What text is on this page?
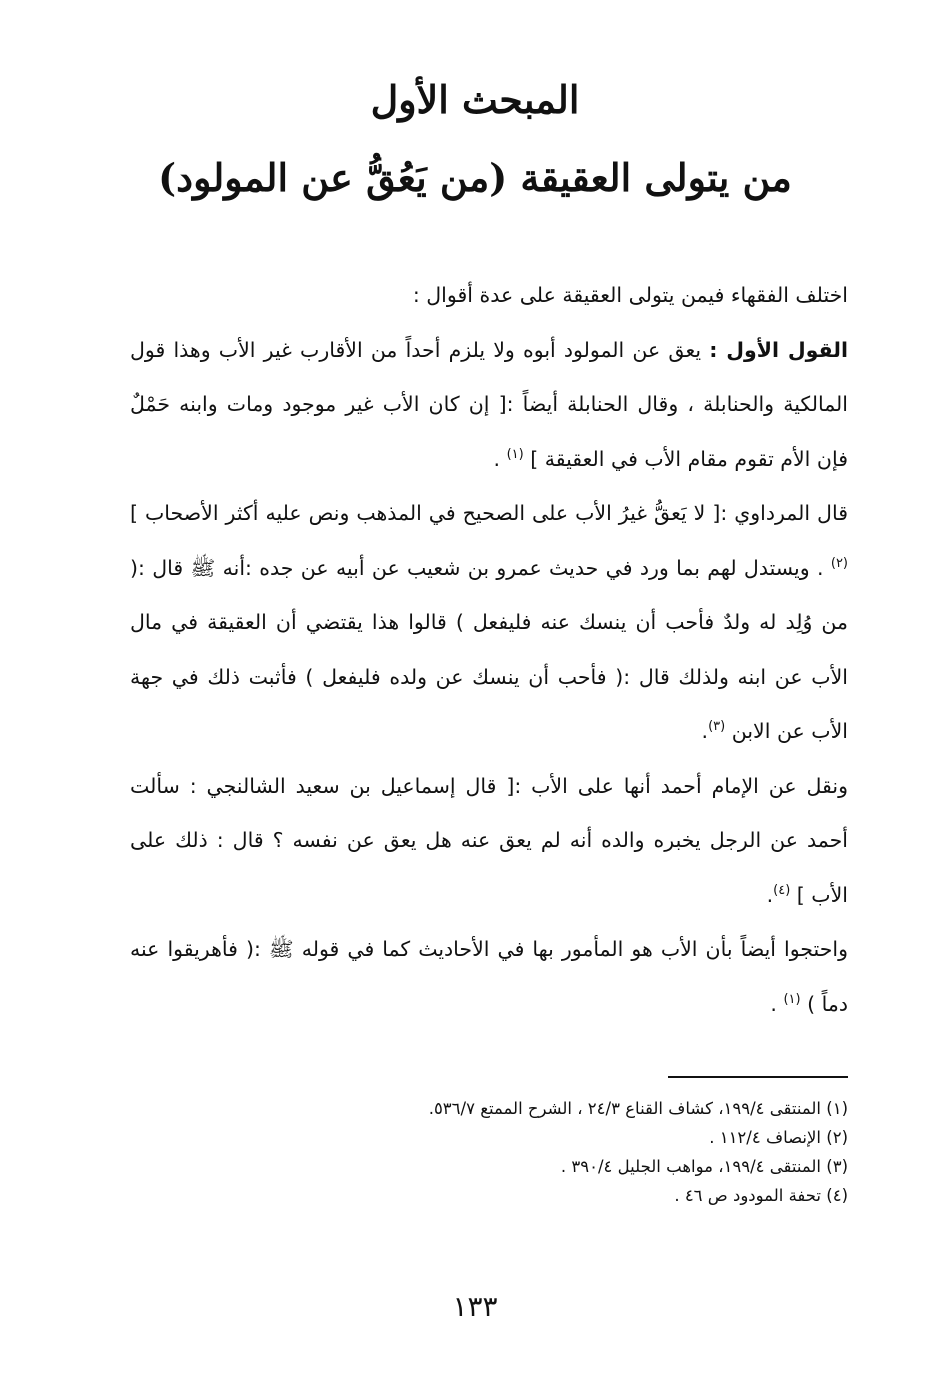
المبحث الأول
من يتولى العقيقة (من يَعُقُّ عن المولود)

اختلف الفقهاء فيمن يتولى العقيقة على عدة أقوال :

القول الأول : يعق عن المولود أبوه ولا يلزم أحداً من الأقارب غير الأب وهذا قول المالكية والحنابلة ، وقال الحنابلة أيضاً :[ إن كان الأب غير موجود ومات وابنه حَمْلٌ فإن الأم تقوم مقام الأب في العقيقة ] $^{(١)}$ .

قال المرداوي :[ لا يَعقُّ غيرُ الأب على الصحيح في المذهب ونص عليه أكثر الأصحاب ] $^{(٢)}$ . ويستدل لهم بما ورد في حديث عمرو بن شعيب عن أبيه عن جده :أنه ﷺ قال :( من وُلِد له ولدٌ فأحب أن ينسك عنه فليفعل ) قالوا هذا يقتضي أن العقيقة في مال الأب عن ابنه ولذلك قال :( فأحب أن ينسك عن ولده فليفعل ) فأثبت ذلك في جهة الأب عن الابن $^{(٣)}$.

ونقل عن الإمام أحمد أنها على الأب :[ قال إسماعيل بن سعيد الشالنجي : سألت أحمد عن الرجل يخبره والده أنه لم يعق عنه هل يعق عن نفسه ؟ قال : ذلك على الأب ] $^{(٤)}$.

واحتجوا أيضاً بأن الأب هو المأمور بها في الأحاديث كما في قوله ﷺ :( فأهريقوا عنه دماً ) $^{(١)}$ .

(١) المنتقى ١٩٩/٤، كشاف القناع ٢٤/٣ ، الشرح الممتع ٥٣٦/٧.
(٢) الإنصاف ١١٢/٤ .
(٣) المنتقى ١٩٩/٤، مواهب الجليل ٣٩٠/٤ .
(٤) تحفة المودود ص ٤٦ .
١٣٣
